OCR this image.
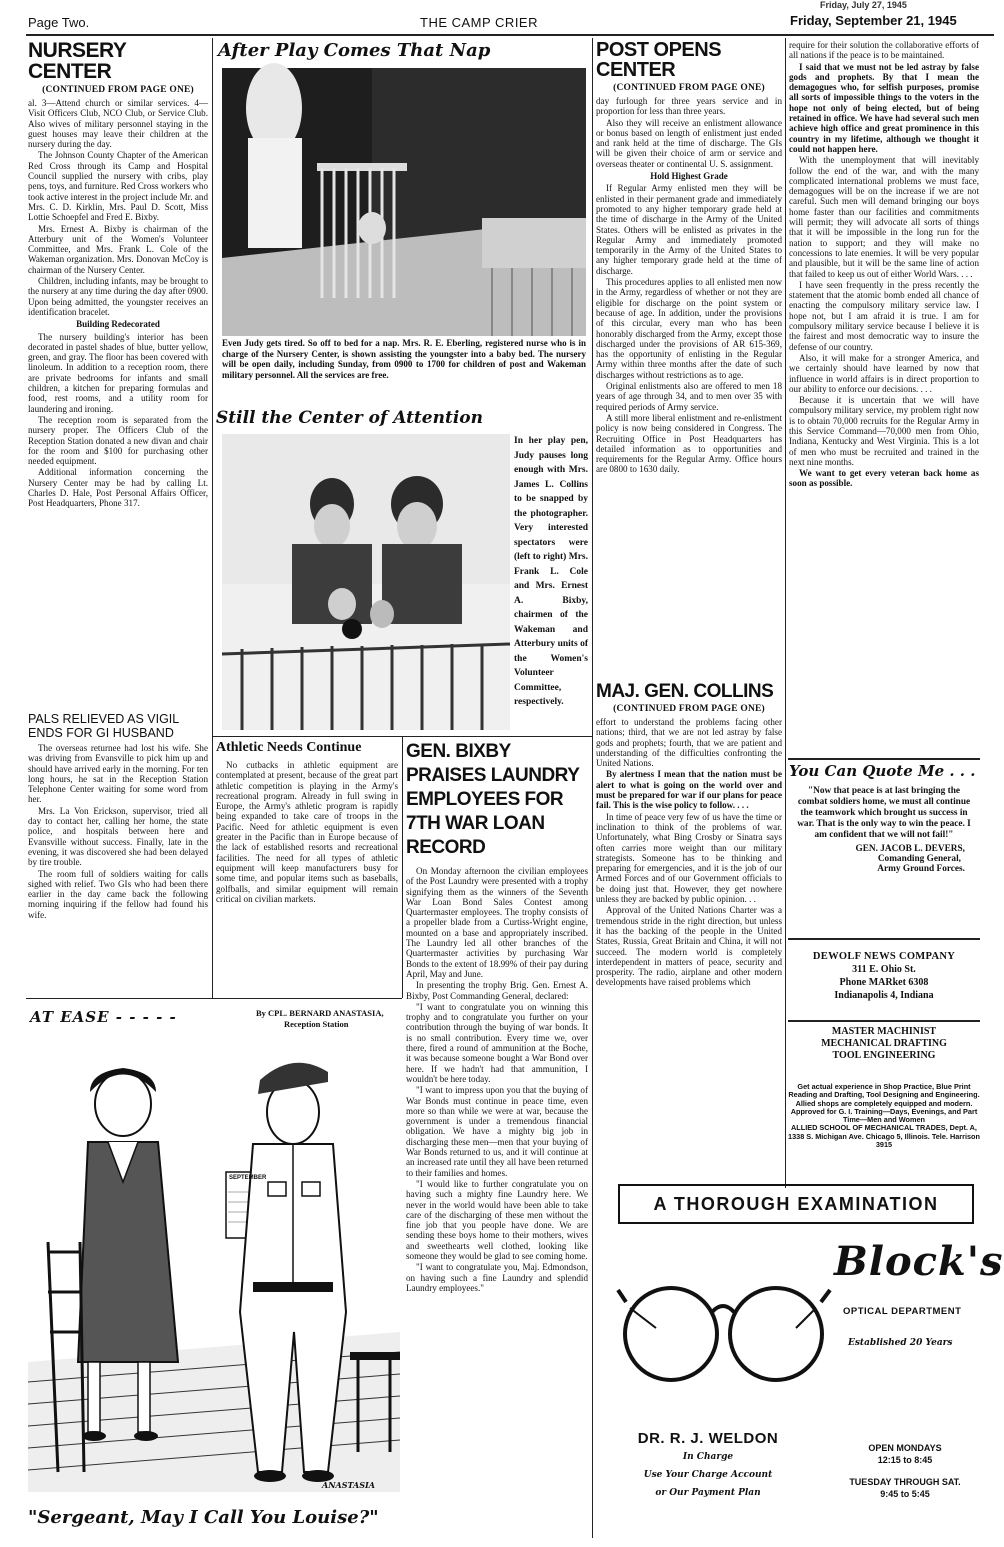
Friday, July 27, 1945
Page Two.	THE CAMP CRIER	Friday, September 21, 1945
NURSERY CENTER
(CONTINUED FROM PAGE ONE)

al. 3—Attend church or similar services. 4—Visit Officers Club, NCO Club, or Service Club. Also wives of military personnel staying in the guest houses may leave their children at the nursery during the day.

The Johnson County Chapter of the American Red Cross through its Camp and Hospital Council supplied the nursery with cribs, play pens, toys, and furniture. Red Cross workers who took active interest in the project include Mr. and Mrs. C. D. Kirklin, Mrs. Paul D. Scott, Miss Lottie Schoepfel and Fred E. Bixby.

Mrs. Ernest A. Bixby is chairman of the Atterbury unit of the Women's Volunteer Committee, and Mrs. Frank L. Cole of the Wakeman organization. Mrs. Donovan McCoy is chairman of the Nursery Center.

Children, including infants, may be brought to the nursery at any time during the day after 0900. Upon being admitted, the youngster receives an identification bracelet.

Building Redecorated

The nursery building's interior has been decorated in pastel shades of blue, butter yellow, green, and gray. The floor has been covered with linoleum. In addition to a reception room, there are private bedrooms for infants and small children, a kitchen for preparing formulas and food, rest rooms, and a utility room for laundering and ironing.

The reception room is separated from the nursery proper. The Officers Club of the Reception Station donated a new divan and chair for the room and $100 for purchasing other needed equipment.

Additional information concerning the Nursery Center may be had by calling Lt. Charles D. Hale, Post Personal Affairs Officer, Post Headquarters, Phone 317.

PALS RELIEVED AS VIGIL ENDS FOR GI HUSBAND

The overseas returnee had lost his wife. She was driving from Evansville to pick him up and should have arrived early in the morning. For ten long hours, he sat in the Reception Station Telephone Center waiting for some word from her.

Mrs. La Von Erickson, supervisor, tried all day to contact her, calling her home, the state police, and hospitals between here and Evansville without success. Finally, late in the evening, it was discovered she had been delayed by tire trouble.

The room full of soldiers waiting for calls sighed with relief. Two GIs who had been there earlier in the day came back the following morning inquiring if the fellow had found his wife.

After Play Comes That Nap
Even Judy gets tired. So off to bed for a nap. Mrs. R. E. Eberling, registered nurse who is in charge of the Nursery Center, is shown assisting the youngster into a baby bed. The nursery will be open daily, including Sunday, from 0900 to 1700 for children of post and Wakeman military personnel. All the services are free.
Still the Center of Attention
In her play pen, Judy pauses long enough with Mrs. James L. Collins to be snapped by the photographer. Very interested spectators were (left to right) Mrs. Frank L. Cole and Mrs. Ernest A. Bixby, chairmen of the Wakeman and Atterbury units of the Women's Volunteer Committee, respectively.
Athletic Needs Continue

No cutbacks in athletic equipment are contemplated at present, because of the great part athletic competition is playing in the Army's recreational program. Already in full swing in Europe, the Army's athletic program is rapidly being expanded to take care of troops in the Pacific. Need for athletic equipment is even greater in the Pacific than in Europe because of the lack of established resorts and recreational facilities. The need for all types of athletic equipment will keep manufacturers busy for some time, and popular items such as baseballs, golfballs, and similar equipment will remain critical on civilian markets.

GEN. BIXBY PRAISES LAUNDRY EMPLOYEES FOR 7TH WAR LOAN RECORD

On Monday afternoon the civilian employees of the Post Laundry were presented with a trophy signifying them as the winners of the Seventh War Loan Bond Sales Contest among Quartermaster employees. The trophy consists of a propeller blade from a Curtiss-Wright engine, mounted on a base and appropriately inscribed. The Laundry led all other branches of the Quartermaster activities by purchasing War Bonds to the extent of 18.99% of their pay during April, May and June.

In presenting the trophy Brig. Gen. Ernest A. Bixby, Post Commanding General, declared:

"I want to congratulate you on winning this trophy and to congratulate you further on your contribution through the buying of war bonds. It is no small contribution. Every time we, over there, fired a round of ammunition at the Boche, it was because someone bought a War Bond over here. If we hadn't had that ammunition, I wouldn't be here today.

"I want to impress upon you that the buying of War Bonds must continue in peace time, even more so than while we were at war, because the government is under a tremendous financial obligation. We have a mighty big job in discharging these men—men that your buying of War Bonds returned to us, and it will continue at an increased rate until they all have been returned to their families and homes.

"I would like to further congratulate you on having such a mighty fine Laundry here. We never in the world would have been able to take care of the discharging of these men without the fine job that you people have done. We are sending these boys home to their mothers, wives and sweethearts well clothed, looking like someone they would be glad to see coming home.

"I want to congratulate you, Maj. Edmondson, on having such a fine Laundry and splendid Laundry employees."

POST OPENS CENTER
(CONTINUED FROM PAGE ONE)

day furlough for three years service and in proportion for less than three years.

Also they will receive an enlistment allowance or bonus based on length of enlistment just ended and rank held at the time of discharge. The GIs will be given their choice of arm or service and overseas theater or continental U. S. assignment.

Hold Highest Grade

If Regular Army enlisted men they will be enlisted in their permanent grade and immediately promoted to any higher temporary grade held at the time of discharge in the Army of the United States. Others will be enlisted as privates in the Regular Army and immediately promoted temporarily in the Army of the United States to any higher temporary grade held at the time of discharge.

This procedures applies to all enlisted men now in the Army, regardless of whether or not they are eligible for discharge on the point system or because of age. In addition, under the provisions of this circular, every man who has been honorably discharged from the Army, except those discharged under the provisions of AR 615-369, has the opportunity of enlisting in the Regular Army within three months after the date of such discharges without restrictions as to age.

Original enlistments also are offered to men 18 years of age through 34, and to men over 35 with required periods of Army service.

A still more liberal enlistment and re-enlistment policy is now being considered in Congress. The Recruiting Office in Post Headquarters has detailed information as to opportunities and requirements for the Regular Army. Office hours are 0800 to 1630 daily.

MAJ. GEN. COLLINS
(CONTINUED FROM PAGE ONE)

effort to understand the problems facing other nations; third, that we are not led astray by false gods and prophets; fourth, that we are patient and understanding of the difficulties confronting the United Nations.

By alertness I mean that the nation must be alert to what is going on the world over and must be prepared for war if our plans for peace fail. This is the wise policy to follow. . . .

In time of peace very few of us have the time or inclination to think of the problems of war. Unfortunately, what Bing Crosby or Sinatra says often carries more weight than our military strategists. Someone has to be thinking and preparing for emergencies, and it is the job of our Armed Forces and of our Government officials to be doing just that. However, they get nowhere unless they are backed by public opinion. . .

Approval of the United Nations Charter was a tremendous stride in the right direction, but unless it has the backing of the people in the United States, Russia, Great Britain and China, it will not succeed. The modern world is completely interdependent in matters of peace, security and prosperity. The radio, airplane and other modern developments have raised problems which

require for their solution the collaborative efforts of all nations if the peace is to be maintained.

I said that we must not be led astray by false gods and prophets. By that I mean the demagogues who, for selfish purposes, promise all sorts of impossible things to the voters in the hope not only of being elected, but of being retained in office. We have had several such men achieve high office and great prominence in this country in my lifetime, although we thought it could not happen here.

With the unemployment that will inevitably follow the end of the war, and with the many complicated international problems we must face, demagogues will be on the increase if we are not careful. Such men will demand bringing our boys home faster than our facilities and commitments will permit; they will advocate all sorts of things that it will be impossible in the long run for the nation to support; and they will make no concessions to late enemies. It will be very popular and plausible, but it will be the same line of action that failed to keep us out of either World Wars. . . .

I have seen frequently in the press recently the statement that the atomic bomb ended all chance of enacting the compulsory military service law. I hope not, but I am afraid it is true. I am for compulsory military service because I believe it is the fairest and most democratic way to insure the defense of our country.

Also, it will make for a stronger America, and we certainly should have learned by now that influence in world affairs is in direct proportion to our ability to enforce our decisions. . . .

Because it is uncertain that we will have compulsory military service, my problem right now is to obtain 70,000 recruits for the Regular Army in this Service Command—70,000 men from Ohio, Indiana, Kentucky and West Virginia. This is a lot of men who must be recruited and trained in the next nine months.

We want to get every veteran back home as soon as possible.

You Can Quote Me . . .
"Now that peace is at last bringing the combat soldiers home, we must all continue the teamwork which brought us success in war. That is the only way to win the peace. I am confident that we will not fail!"
GEN. JACOB L. DEVERS,
Comanding General,
Army Ground Forces.
DEWOLF NEWS COMPANY
311 E. Ohio St.
Phone MARket 6308
Indianapolis 4, Indiana
MASTER MACHINIST
MECHANICAL DRAFTING
TOOL ENGINEERING
Get actual experience in Shop Practice, Blue Print Reading and Drafting, Tool Designing and Engineering. Allied shops are completely equipped and modern. Approved for G. I. Training—Days, Evenings, and Part Time—Men and Women
ALLIED SCHOOL OF MECHANICAL TRADES, Dept. A, 1338 S. Michigan Ave. Chicago 5, Illinois. Tele. Harrison 3915
A THOROUGH EXAMINATION
Block's
OPTICAL DEPARTMENT
Established 20 Years
DR. R. J. WELDON
In Charge
Use Your Charge Account
or Our Payment Plan
OPEN MONDAYS
12:15 to 8:45
TUESDAY THROUGH SAT.
9:45 to 5:45
AT EASE - - - - -	By CPL. BERNARD ANASTASIA,
Reception Station
SEPTEMBER
ANASTASIA
"Sergeant, May I Call You Louise?"
